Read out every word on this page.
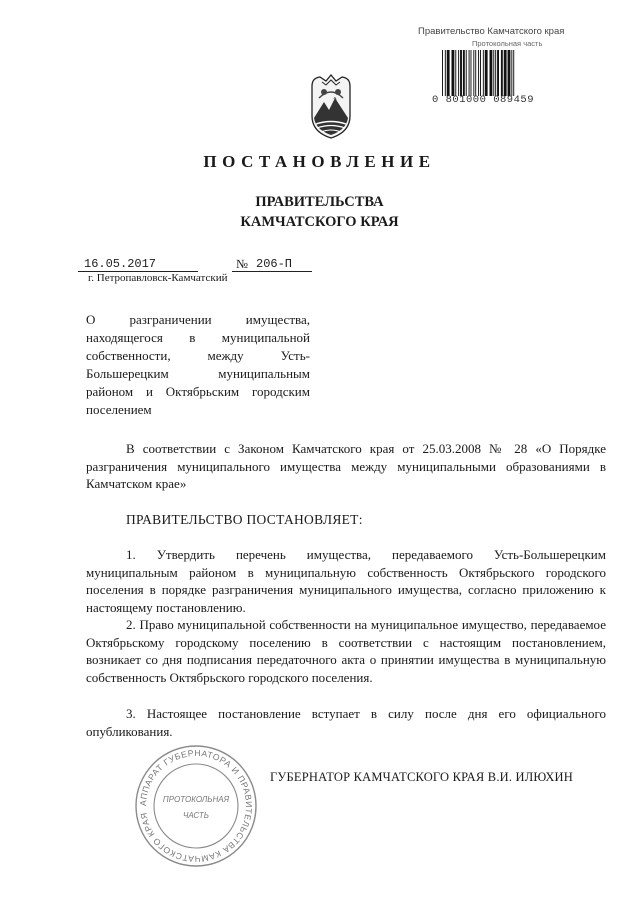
Правительство Камчатского края
Протокольная часть
0 801000 089459
ПОСТАНОВЛЕНИЕ
ПРАВИТЕЛЬСТВА
КАМЧАТСКОГО КРАЯ
16.05.2017	№ 206-П
г. Петропавловск-Камчатский
О разграничении имущества, находящегося в муниципальной собственности, между Усть-Большерецким муниципальным районом и Октябрьским городским поселением
В соответствии с Законом Камчатского края от 25.03.2008 № 28 «О Порядке разграничения муниципального имущества между муниципальными образованиями в Камчатском крае»
ПРАВИТЕЛЬСТВО ПОСТАНОВЛЯЕТ:
1. Утвердить перечень имущества, передаваемого Усть-Большерецким муниципальным районом в муниципальную собственность Октябрьского городского поселения в порядке разграничения муниципального имущества, согласно приложению к настоящему постановлению.
2. Право муниципальной собственности на муниципальное имущество, передаваемое Октябрьскому городскому поселению в соответствии с настоящим постановлением, возникает со дня подписания передаточного акта о принятии имущества в муниципальную собственность Октябрьского городского поселения.
3. Настоящее постановление вступает в силу после дня его официального опубликования.
АППАРАТ ГУБЕРНАТОРА И ПРАВИТЕЛЬСТВА КАМЧАТСКОГО КРАЯ
ПРОТОКОЛЬНАЯ
ЧАСТЬ
ГУБЕРНАТОР КАМЧАТСКОГО КРАЯ В.И. ИЛЮХИН
